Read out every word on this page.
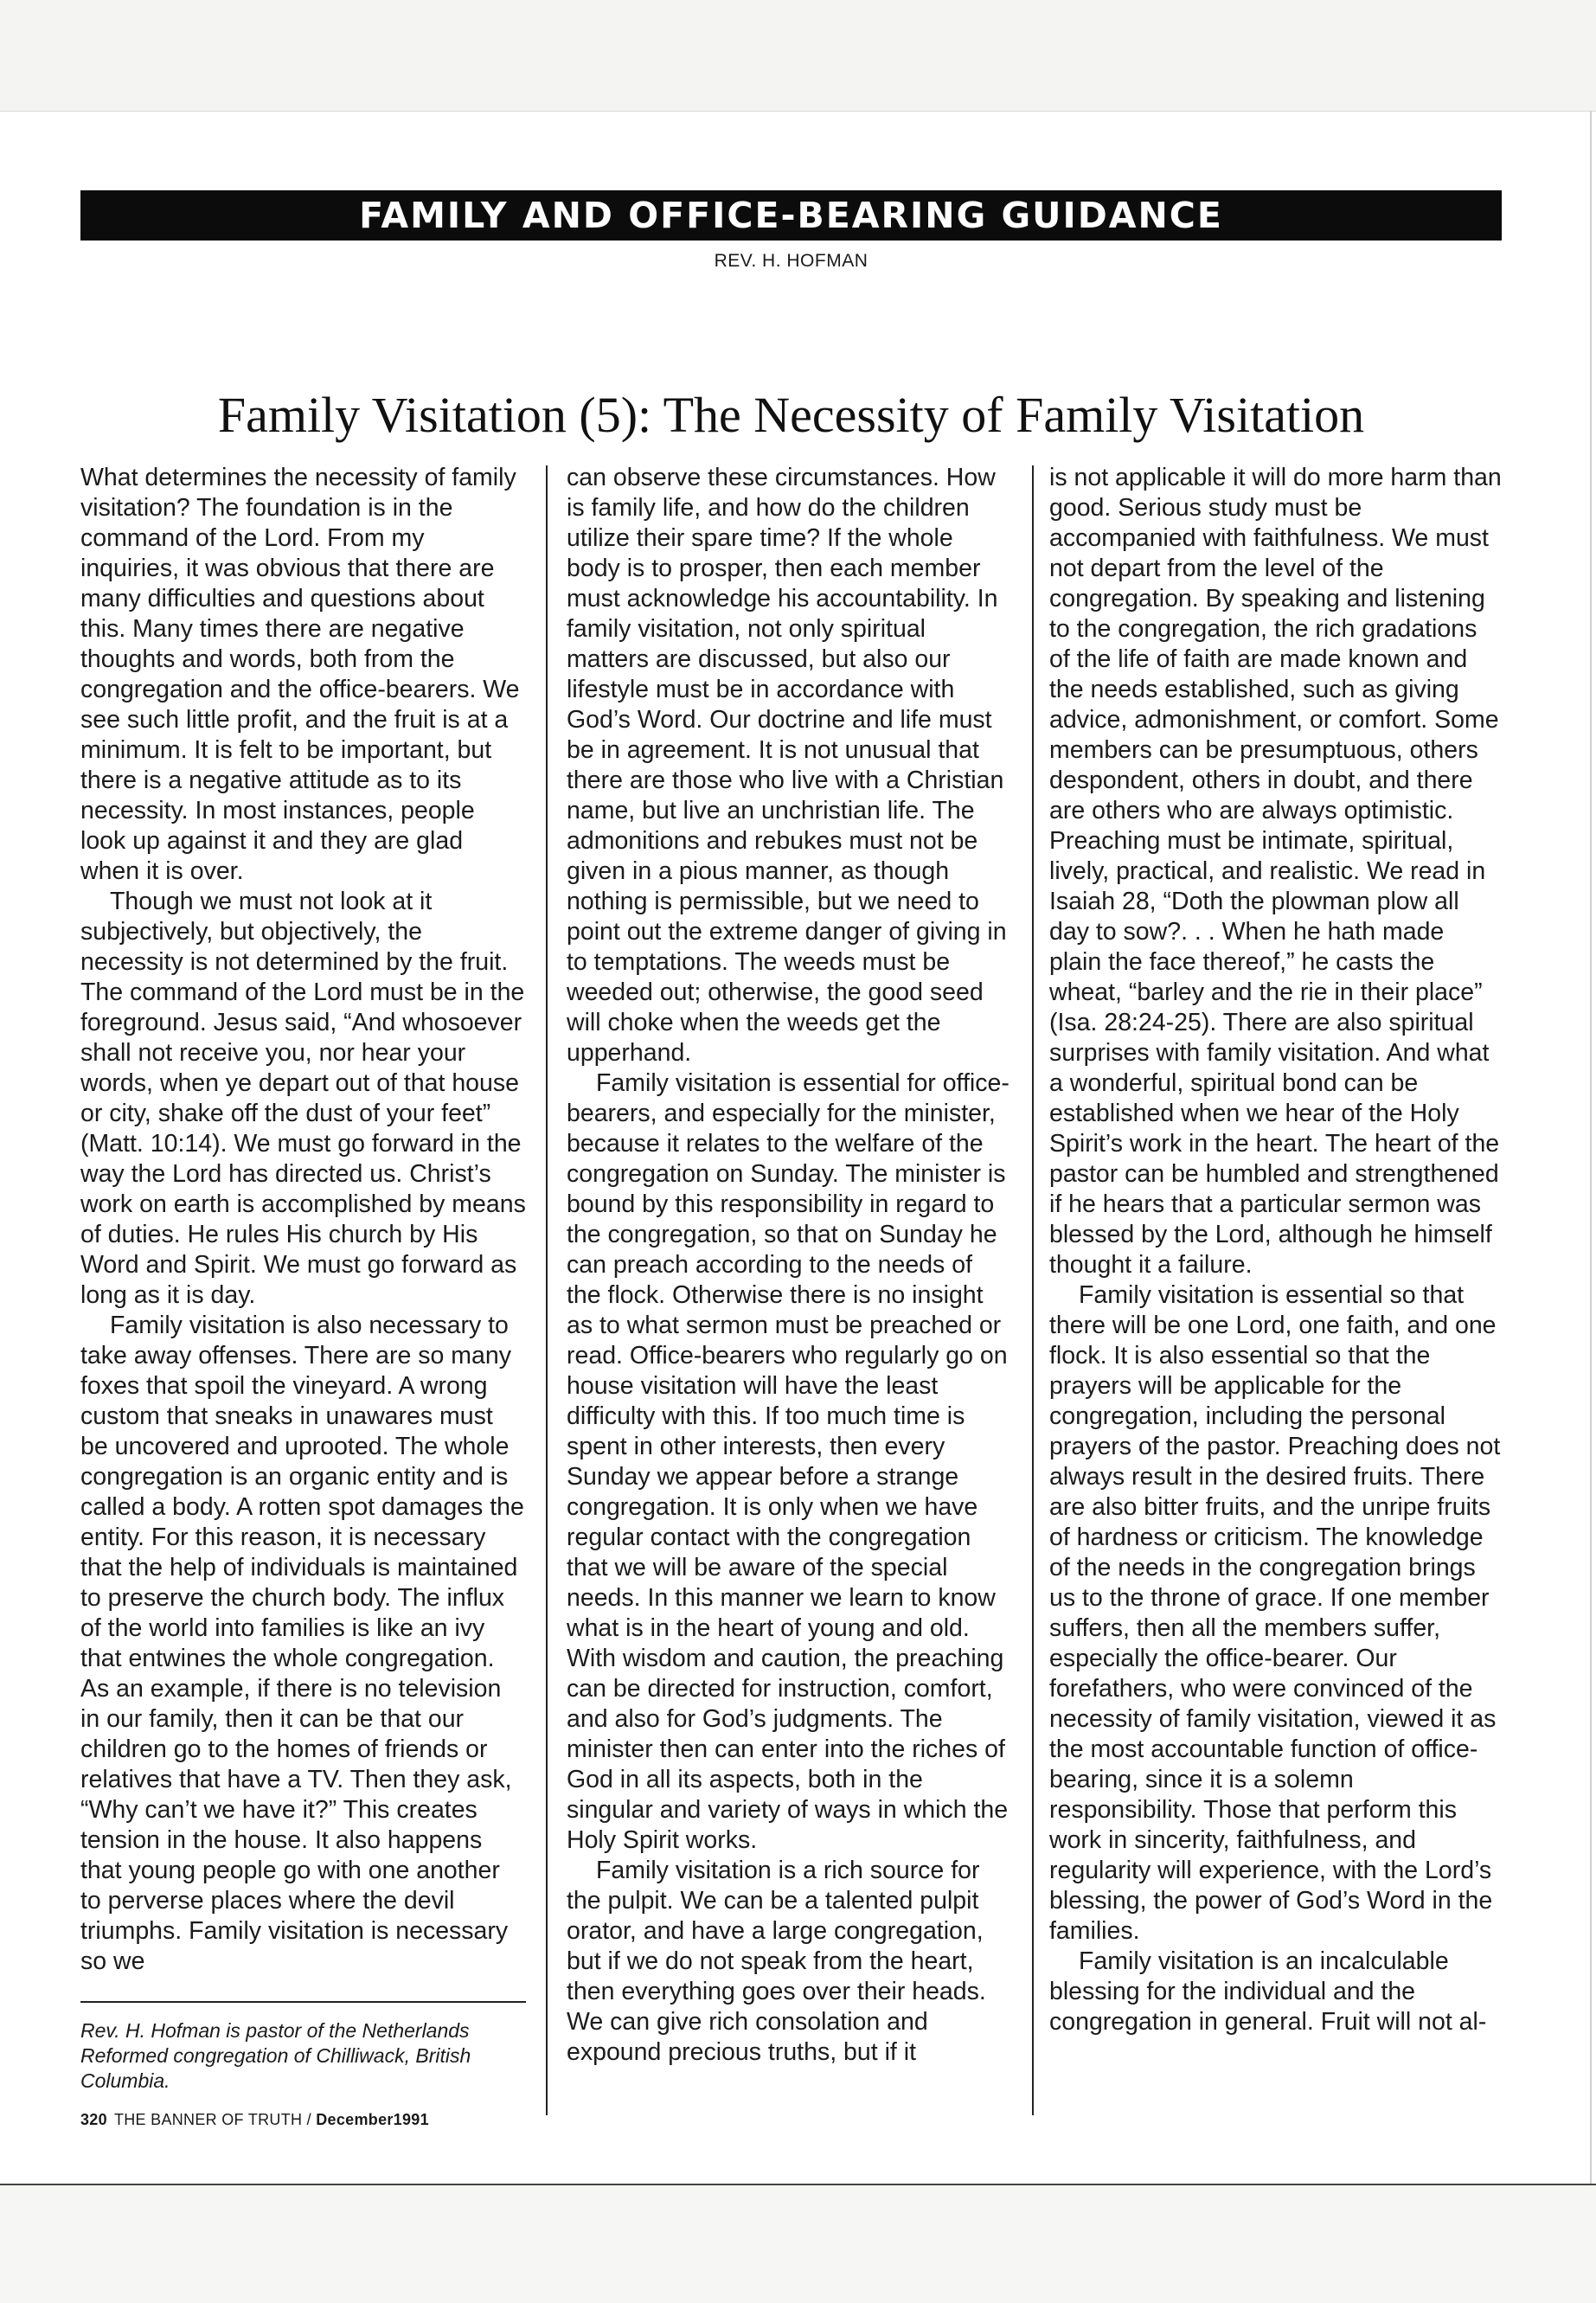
FAMILY AND OFFICE-BEARING GUIDANCE
REV. H. HOFMAN
Family Visitation (5): The Necessity of Family Visitation

What determines the necessity of family visitation? The foundation is in the command of the Lord. From my inquiries, it was obvious that there are many difficulties and questions about this. Many times there are negative thoughts and words, both from the congregation and the office-bearers. We see such little profit, and the fruit is at a minimum. It is felt to be important, but there is a negative attitude as to its necessity. In most instances, people look up against it and they are glad when it is over.

Though we must not look at it subjectively, but objectively, the necessity is not determined by the fruit. The command of the Lord must be in the foreground. Jesus said, “And whosoever shall not receive you, nor hear your words, when ye depart out of that house or city, shake off the dust of your feet” (Matt. 10:14). We must go forward in the way the Lord has directed us. Christ’s work on earth is accomplished by means of duties. He rules His church by His Word and Spirit. We must go forward as long as it is day.

Family visitation is also necessary to take away offenses. There are so many foxes that spoil the vineyard. A wrong custom that sneaks in unawares must be uncovered and uprooted. The whole congregation is an organic entity and is called a body. A rotten spot damages the entity. For this reason, it is necessary that the help of individuals is maintained to preserve the church body. The influx of the world into families is like an ivy that entwines the whole congregation. As an example, if there is no television in our family, then it can be that our children go to the homes of friends or relatives that have a TV. Then they ask, “Why can’t we have it?” This creates tension in the house. It also happens that young people go with one another to perverse places where the devil triumphs. Family visitation is necessary so we

can observe these circumstances. How is family life, and how do the children utilize their spare time? If the whole body is to prosper, then each member must acknowledge his accountability. In family visitation, not only spiritual matters are discussed, but also our lifestyle must be in accordance with God’s Word. Our doctrine and life must be in agreement. It is not unusual that there are those who live with a Christian name, but live an unchristian life. The admonitions and rebukes must not be given in a pious manner, as though nothing is permissible, but we need to point out the extreme danger of giving in to temptations. The weeds must be weeded out; otherwise, the good seed will choke when the weeds get the upperhand.

Family visitation is essential for office-bearers, and especially for the minister, because it relates to the welfare of the congregation on Sunday. The minister is bound by this responsibility in regard to the congregation, so that on Sunday he can preach according to the needs of the flock. Otherwise there is no insight as to what sermon must be preached or read. Office-bearers who regularly go on house visitation will have the least difficulty with this. If too much time is spent in other interests, then every Sunday we appear before a strange congregation. It is only when we have regular contact with the congregation that we will be aware of the special needs. In this manner we learn to know what is in the heart of young and old. With wisdom and caution, the preaching can be directed for instruction, comfort, and also for God’s judgments. The minister then can enter into the riches of God in all its aspects, both in the singular and variety of ways in which the Holy Spirit works.

Family visitation is a rich source for the pulpit. We can be a talented pulpit orator, and have a large congregation, but if we do not speak from the heart, then everything goes over their heads. We can give rich consolation and expound precious truths, but if it

is not applicable it will do more harm than good. Serious study must be accompanied with faithfulness. We must not depart from the level of the congregation. By speaking and listening to the congregation, the rich gradations of the life of faith are made known and the needs established, such as giving advice, admonishment, or comfort. Some members can be presumptuous, others despondent, others in doubt, and there are others who are always optimistic. Preaching must be intimate, spiritual, lively, practical, and realistic. We read in Isaiah 28, “Doth the plowman plow all day to sow?. . . When he hath made plain the face thereof,” he casts the wheat, “barley and the rie in their place” (Isa. 28:24-25). There are also spiritual surprises with family visitation. And what a wonderful, spiritual bond can be established when we hear of the Holy Spirit’s work in the heart. The heart of the pastor can be humbled and strengthened if he hears that a particular sermon was blessed by the Lord, although he himself thought it a failure.

Family visitation is essential so that there will be one Lord, one faith, and one flock. It is also essential so that the prayers will be applicable for the congregation, including the personal prayers of the pastor. Preaching does not always result in the desired fruits. There are also bitter fruits, and the unripe fruits of hardness or criticism. The knowledge of the needs in the congregation brings us to the throne of grace. If one member suffers, then all the members suffer, especially the office-bearer. Our forefathers, who were convinced of the necessity of family visitation, viewed it as the most accountable function of office-bearing, since it is a solemn responsibility. Those that perform this work in sincerity, faithfulness, and regularity will experience, with the Lord’s blessing, the power of God’s Word in the families.

Family visitation is an incalculable blessing for the individual and the congregation in general. Fruit will not al-

Rev. H. Hofman is pastor of the Netherlands Reformed congregation of Chilliwack, British Columbia.
320 THE BANNER OF TRUTH / December1991
